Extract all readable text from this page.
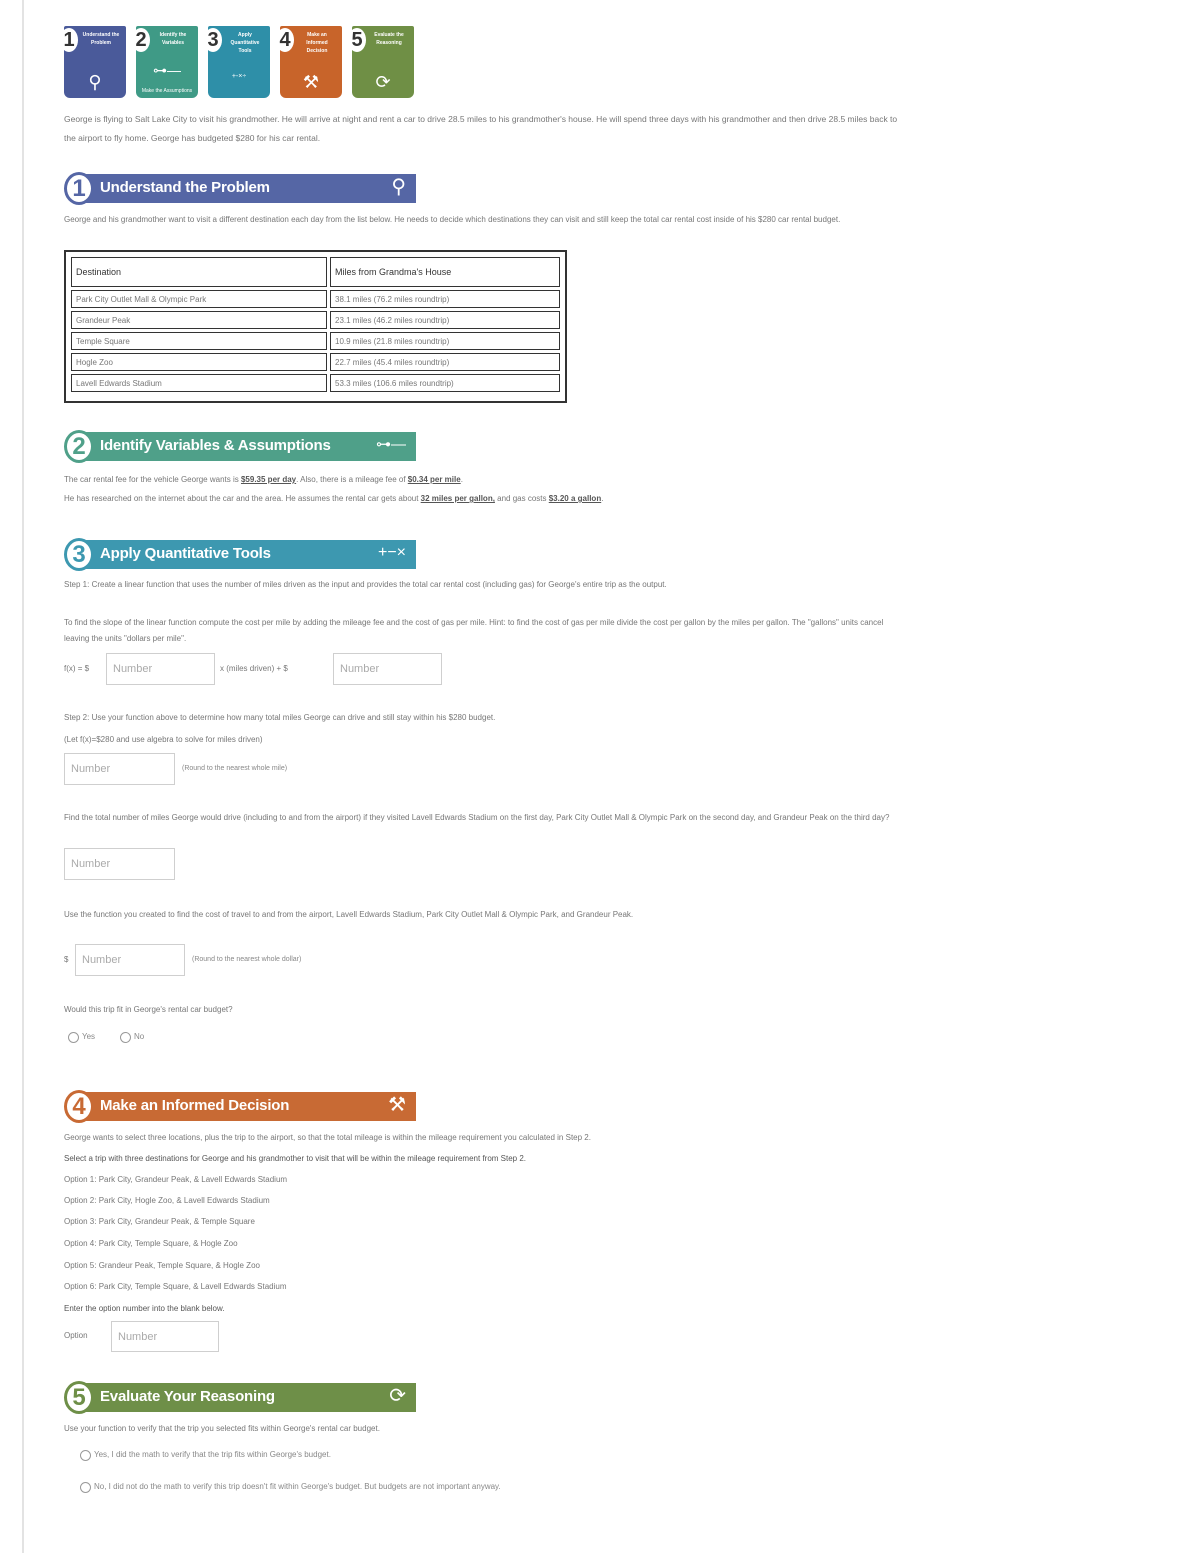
1	Understand the Problem
⚲
2	Identify the Variables
⊶—
Make the Assumptions
3	Apply Quantitative Tools
+-×÷
4	Make an Informed Decision
⚒
5	Evaluate the Reasoning
⟳
George is flying to Salt Lake City to visit his grandmother. He will arrive at night and rent a car to drive 28.5 miles to his grandmother's house. He will spend three days with his grandmother and then drive 28.5 miles back to the airport to fly home. George has budgeted $280 for his car rental.
1 Understand the Problem	⚲
George and his grandmother want to visit a different destination each day from the list below. He needs to decide which destinations they can visit and still keep the total car rental cost inside of his $280 car rental budget.
Destination	Miles from Grandma's House
Park City Outlet Mall & Olympic Park	38.1 miles (76.2 miles roundtrip)
Grandeur Peak	23.1 miles (46.2 miles roundtrip)
Temple Square	10.9 miles (21.8 miles roundtrip)
Hogle Zoo	22.7 miles (45.4 miles roundtrip)
Lavell Edwards Stadium	53.3 miles (106.6 miles roundtrip)
2 Identify Variables & Assumptions	⊶—
The car rental fee for the vehicle George wants is $59.35 per day. Also, there is a mileage fee of $0.34 per mile.
He has researched on the internet about the car and the area. He assumes the rental car gets about 32 miles per gallon, and gas costs $3.20 a gallon.
3 Apply Quantitative Tools	+−×
Step 1: Create a linear function that uses the number of miles driven as the input and provides the total car rental cost (including gas) for George's entire trip as the output.
To find the slope of the linear function compute the cost per mile by adding the mileage fee and the cost of gas per mile. Hint: to find the cost of gas per mile divide the cost per gallon by the miles per gallon. The "gallons" units cancel leaving the units "dollars per mile".
f(x) = $
Number	x (miles driven) + $
Number
Step 2: Use your function above to determine how many total miles George can drive and still stay within his $280 budget.
(Let f(x)=$280 and use algebra to solve for miles driven)
Number
(Round to the nearest whole mile)
Find the total number of miles George would drive (including to and from the airport) if they visited Lavell Edwards Stadium on the first day, Park City Outlet Mall & Olympic Park on the second day, and Grandeur Peak on the third day?
Number
Use the function you created to find the cost of travel to and from the airport, Lavell Edwards Stadium, Park City Outlet Mall & Olympic Park, and Grandeur Peak.
$
Number	(Round to the nearest whole dollar)
Would this trip fit in George's rental car budget?
Yes	No
4 Make an Informed Decision	⚒
George wants to select three locations, plus the trip to the airport, so that the total mileage is within the mileage requirement you calculated in Step 2.
Select a trip with three destinations for George and his grandmother to visit that will be within the mileage requirement from Step 2.
Option 1: Park City, Grandeur Peak, & Lavell Edwards Stadium
Option 2: Park City, Hogle Zoo, & Lavell Edwards Stadium
Option 3: Park City, Grandeur Peak, & Temple Square
Option 4: Park City, Temple Square, & Hogle Zoo
Option 5: Grandeur Peak, Temple Square, & Hogle Zoo
Option 6: Park City, Temple Square, & Lavell Edwards Stadium
Enter the option number into the blank below.
Option
Number
5 Evaluate Your Reasoning	⟳
Use your function to verify that the trip you selected fits within George's rental car budget.
Yes, I did the math to verify that the trip fits within George's budget.
No, I did not do the math to verify this trip doesn't fit within George's budget. But budgets are not important anyway.
